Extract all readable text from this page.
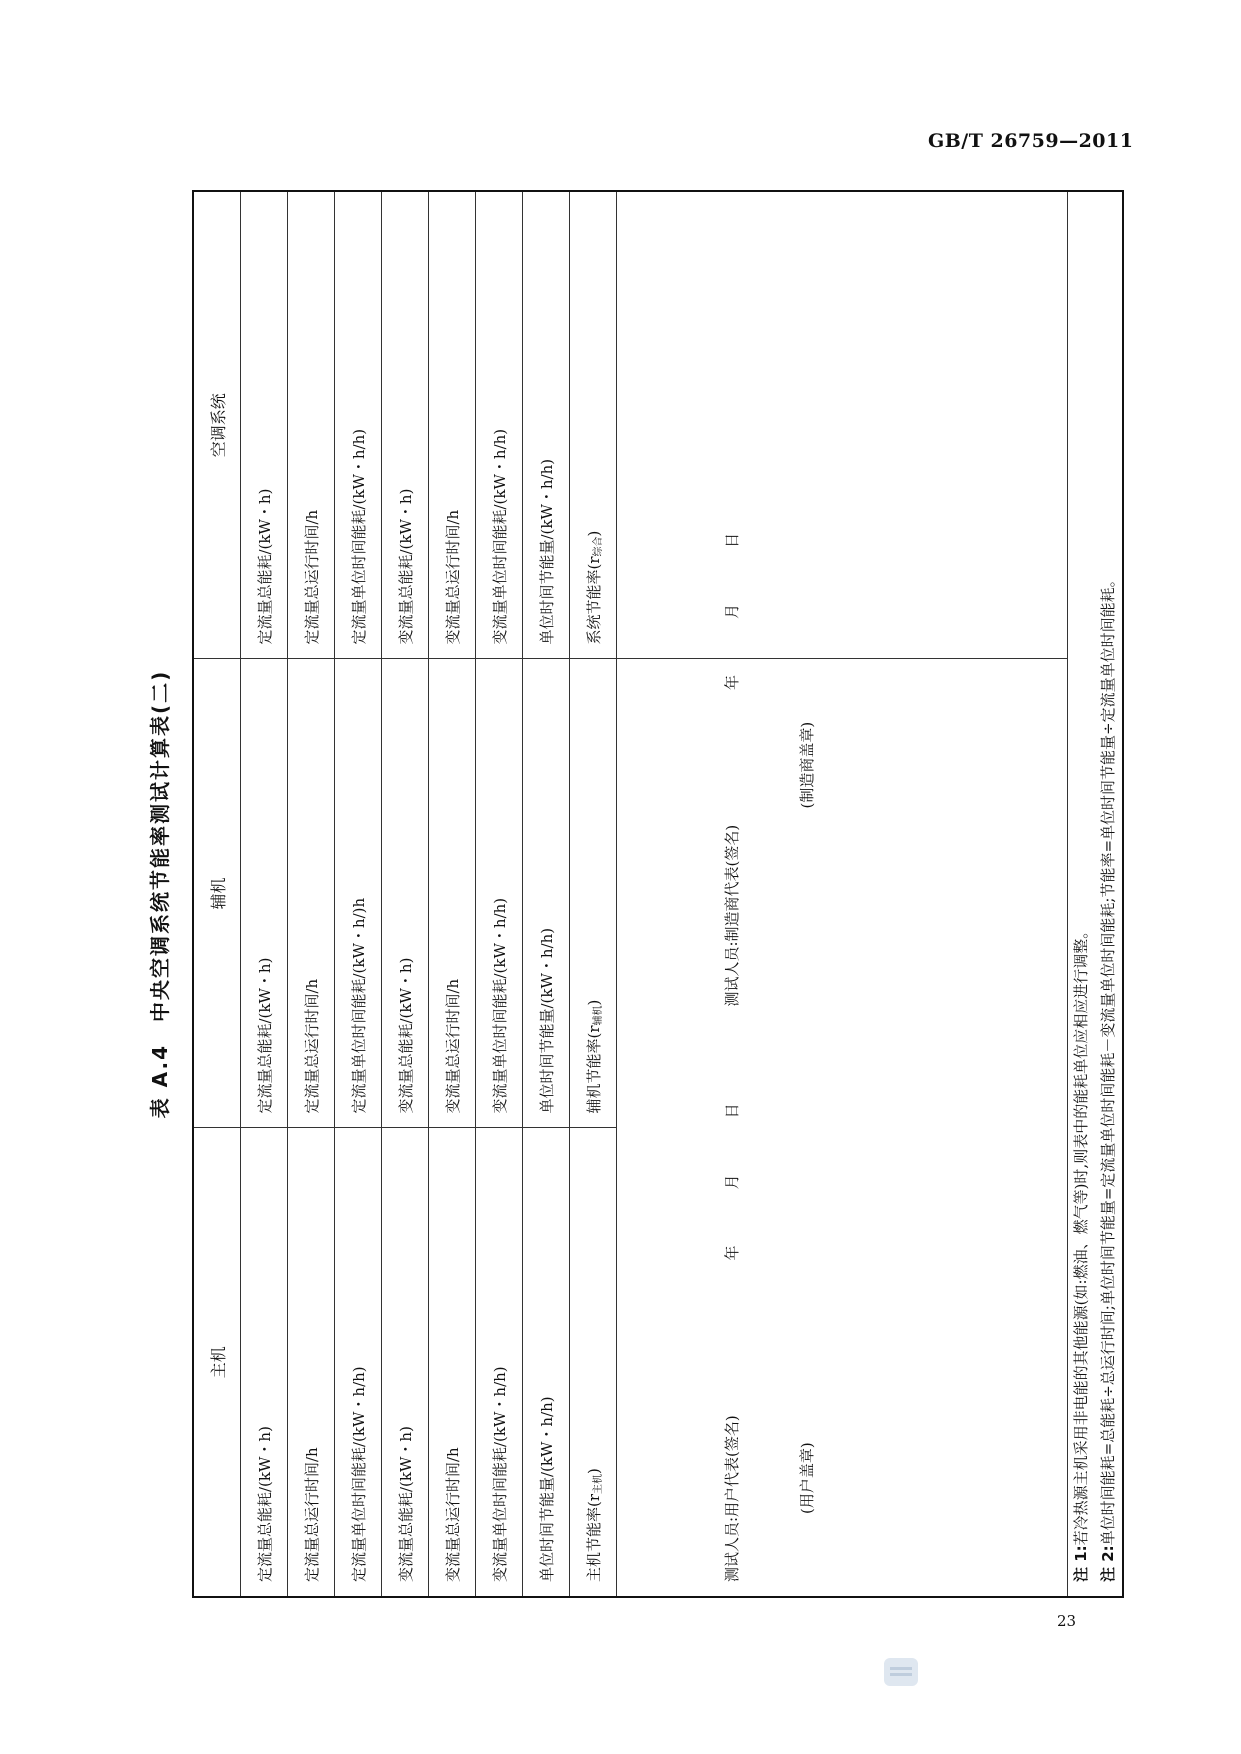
GB/T 26759—2011
表 A.4　中央空调系统节能率测试计算表(二)
主机	辅机	空调系统
定流量总能耗/(kW・h)	定流量总能耗/(kW・h)	定流量总能耗/(kW・h)
定流量总运行时间/h	定流量总运行时间/h	定流量总运行时间/h
定流量单位时间能耗/(kW・h/h)	定流量单位时间能耗/(kW・h/)h	定流量单位时间能耗/(kW・h/h)
变流量总能耗/(kW・h)	变流量总能耗/(kW・h)	变流量总能耗/(kW・h)
变流量总运行时间/h	变流量总运行时间/h	变流量总运行时间/h
变流量单位时间能耗/(kW・h/h)	变流量单位时间能耗/(kW・h/h)	变流量单位时间能耗/(kW・h/h)
单位时间节能量/(kW・h/h)	单位时间节能量/(kW・h/h)	单位时间节能量/(kW・h/h)
主机节能率$(r_{主机})$	辅机节能率$(r_{辅机})$	系统节能率$(r_{综合})$
测试人员:用户代表(签名) 年月日
(用户盖章)		测试人员:制造商代表(签名) 年月日
(制造商盖章)

注 1:若冷热源主机采用非电能的其他能源(如:燃油、燃气等)时,则表中的能耗单位应相应进行调整。
注 2:单位时间能耗=总能耗÷总运行时间;单位时间节能量=定流量单位时间能耗－变流量单位时间能耗;节能率=单位时间节能量÷定流量单位时间能耗。		
23
